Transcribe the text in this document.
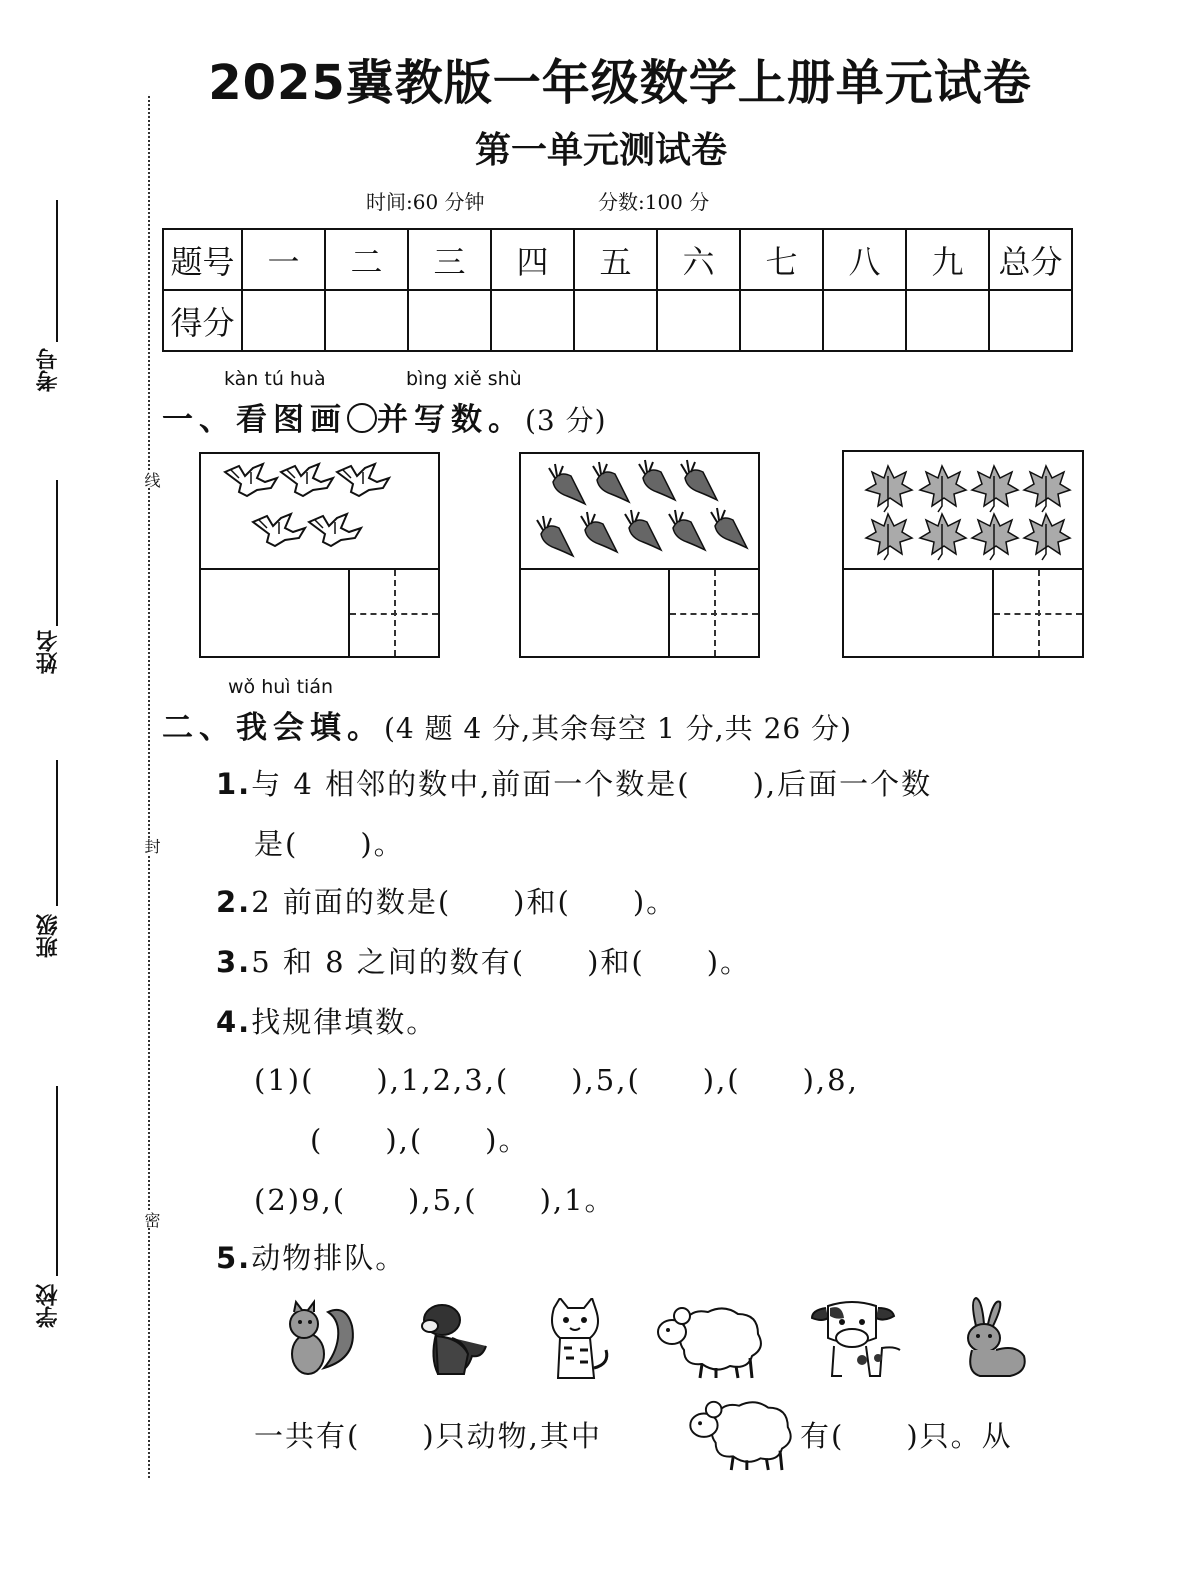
2025冀教版一年级数学上册单元试卷
第一单元测试卷
时间:60 分钟	分数:100 分
考号
姓名
班级
学校
线
封
密
题号	一	二	三	四	五	六	七	八	九	总分
得分										
kàn tú huà	bìng xiě shù
一、看图画 并写数。(3 分)
wǒ huì tián
二、我会填。(4 题 4 分,其余每空 1 分,共 26 分)
1.与 4 相邻的数中,前面一个数是(　　),后面一个数
是(　　)。
2.2 前面的数是(　　)和(　　)。
3.5 和 8 之间的数有(　　)和(　　)。
4.找规律填数。
(1)(　　),1,2,3,(　　),5,(　　),(　　),8,
(　　),(　　)。
(2)9,(　　),5,(　　),1。
5.动物排队。
一共有(　　)只动物,其中	有(　　)只。从
